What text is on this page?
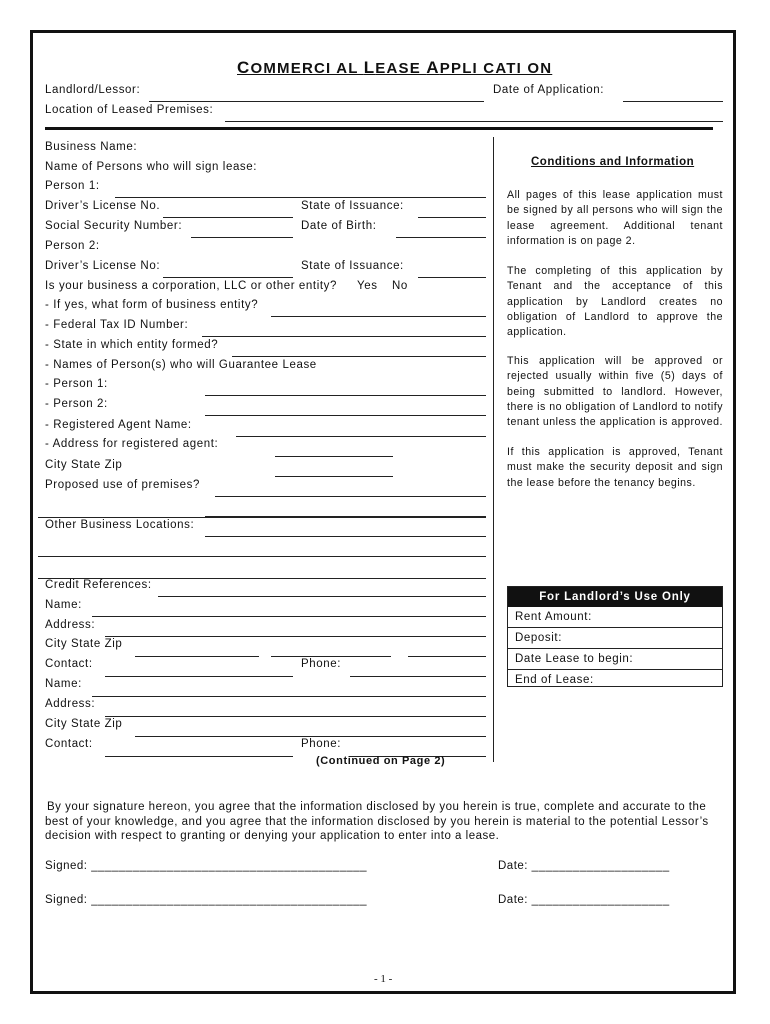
COMMERCI AL LEASE APPLI CATI ON
Landlord/Lessor:	Date of Application:
Location of Leased Premises:
Business Name:
Name of Persons who will sign lease:
Person 1:
Driver’s License No.	State of Issuance:
Social Security Number:	Date of Birth:
Person 2:
Driver’s License No:	State of Issuance:
Is your business a corporation, LLC or other entity? Yes No
- If yes, what form of business entity?
- Federal Tax ID Number:
- State in which entity formed?
- Names of Person(s) who will Guarantee Lease
- Person 1:
- Person 2:
- Registered Agent Name:
- Address for registered agent:
City State Zip
Proposed use of premises?
Other Business Locations:
Credit References:
Name:
Address:
City State Zip
Contact:	Phone:
Name:
Address:
City State Zip
Contact:	Phone:
(Continued on Page 2)
Conditions and Information
All pages of this lease application must be signed by all persons who will sign the lease agreement. Additional tenant information is on page 2.
The completing of this application by Tenant and the acceptance of this application by Landlord creates no obligation of Landlord to approve the application.
This application will be approved or rejected usually within five (5) days of being submitted to landlord. However, there is no obligation of Landlord to notify tenant unless the application is approved.
If this application is approved, Tenant must make the security deposit and sign the lease before the tenancy begins.
For Landlord’s Use Only
Rent Amount:
Deposit:
Date Lease to begin:
End of Lease:
By your signature hereon, you agree that the information disclosed by you herein is true, complete and accurate to the
best of your knowledge, and you agree that the information disclosed by you herein is material to the potential Lessor’s
decision with respect to granting or denying your application to enter into a lease.
Signed: ________________________________________	Date: ____________________
Signed: ________________________________________	Date: ____________________
- 1 -
